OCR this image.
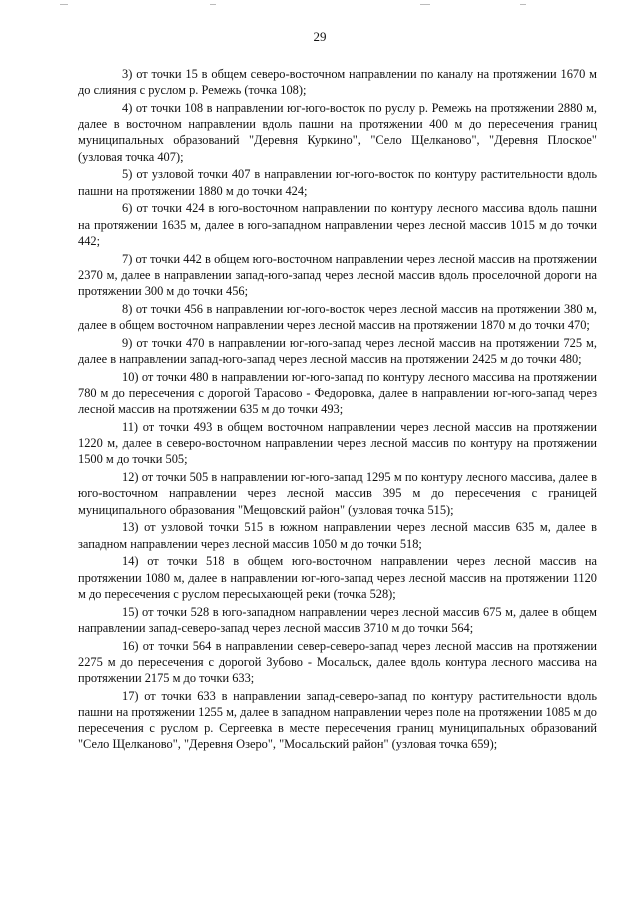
29

3) от точки 15 в общем северо-восточном направлении по каналу на протяжении 1670 м до слияния с руслом р. Ремежь (точка 108);

4) от точки 108 в направлении юг-юго-восток по руслу р. Ремежь на протяжении 2880 м, далее в восточном направлении вдоль пашни на протяжении 400 м до пересечения границ муниципальных образований "Деревня Куркино", "Село Щелканово", "Деревня Плоское" (узловая точка 407);

5) от узловой точки 407 в направлении юг-юго-восток по контуру растительности вдоль пашни на протяжении 1880 м до точки 424;

6) от точки 424 в юго-восточном направлении по контуру лесного массива вдоль пашни на протяжении 1635 м, далее в юго-западном направлении через лесной массив 1015 м до точки 442;

7) от точки 442 в общем юго-восточном направлении через лесной массив на протяжении 2370 м, далее в направлении запад-юго-запад через лесной массив вдоль проселочной дороги на протяжении 300 м до точки 456;

8) от точки 456 в направлении юг-юго-восток через лесной массив на протяжении 380 м, далее в общем восточном направлении через лесной массив на протяжении 1870 м до точки 470;

9) от точки 470 в направлении юг-юго-запад через лесной массив на протяжении 725 м, далее в направлении запад-юго-запад через лесной массив на протяжении 2425 м до точки 480;

10) от точки 480 в направлении юг-юго-запад по контуру лесного массива на протяжении 780 м до пересечения с дорогой Тарасово - Федоровка, далее в направлении юг-юго-запад через лесной массив на протяжении 635 м до точки 493;

11) от точки 493 в общем восточном направлении через лесной массив на протяжении 1220 м, далее в северо-восточном направлении через лесной массив по контуру на протяжении 1500 м до точки 505;

12) от точки 505 в направлении юг-юго-запад 1295 м по контуру лесного массива, далее в юго-восточном направлении через лесной массив 395 м до пересечения с границей муниципального образования "Мещовский район" (узловая точка 515);

13) от узловой точки 515 в южном направлении через лесной массив 635 м, далее в западном направлении через лесной массив 1050 м до точки 518;

14) от точки 518 в общем юго-восточном направлении через лесной массив на протяжении 1080 м, далее в направлении юг-юго-запад через лесной массив на протяжении 1120 м до пересечения с руслом пересыхающей реки (точка 528);

15) от точки 528 в юго-западном направлении через лесной массив 675 м, далее в общем направлении запад-северо-запад через лесной массив 3710 м до точки 564;

16) от точки 564 в направлении север-северо-запад через лесной массив на протяжении 2275 м до пересечения с дорогой Зубово - Мосальск, далее вдоль контура лесного массива на протяжении 2175 м до точки 633;

17) от точки 633 в направлении запад-северо-запад по контуру растительности вдоль пашни на протяжении 1255 м, далее в западном направлении через поле на протяжении 1085 м до пересечения с руслом р. Сергеевка в месте пересечения границ муниципальных образований "Село Щелканово", "Деревня Озеро", "Мосальский район" (узловая точка 659);
